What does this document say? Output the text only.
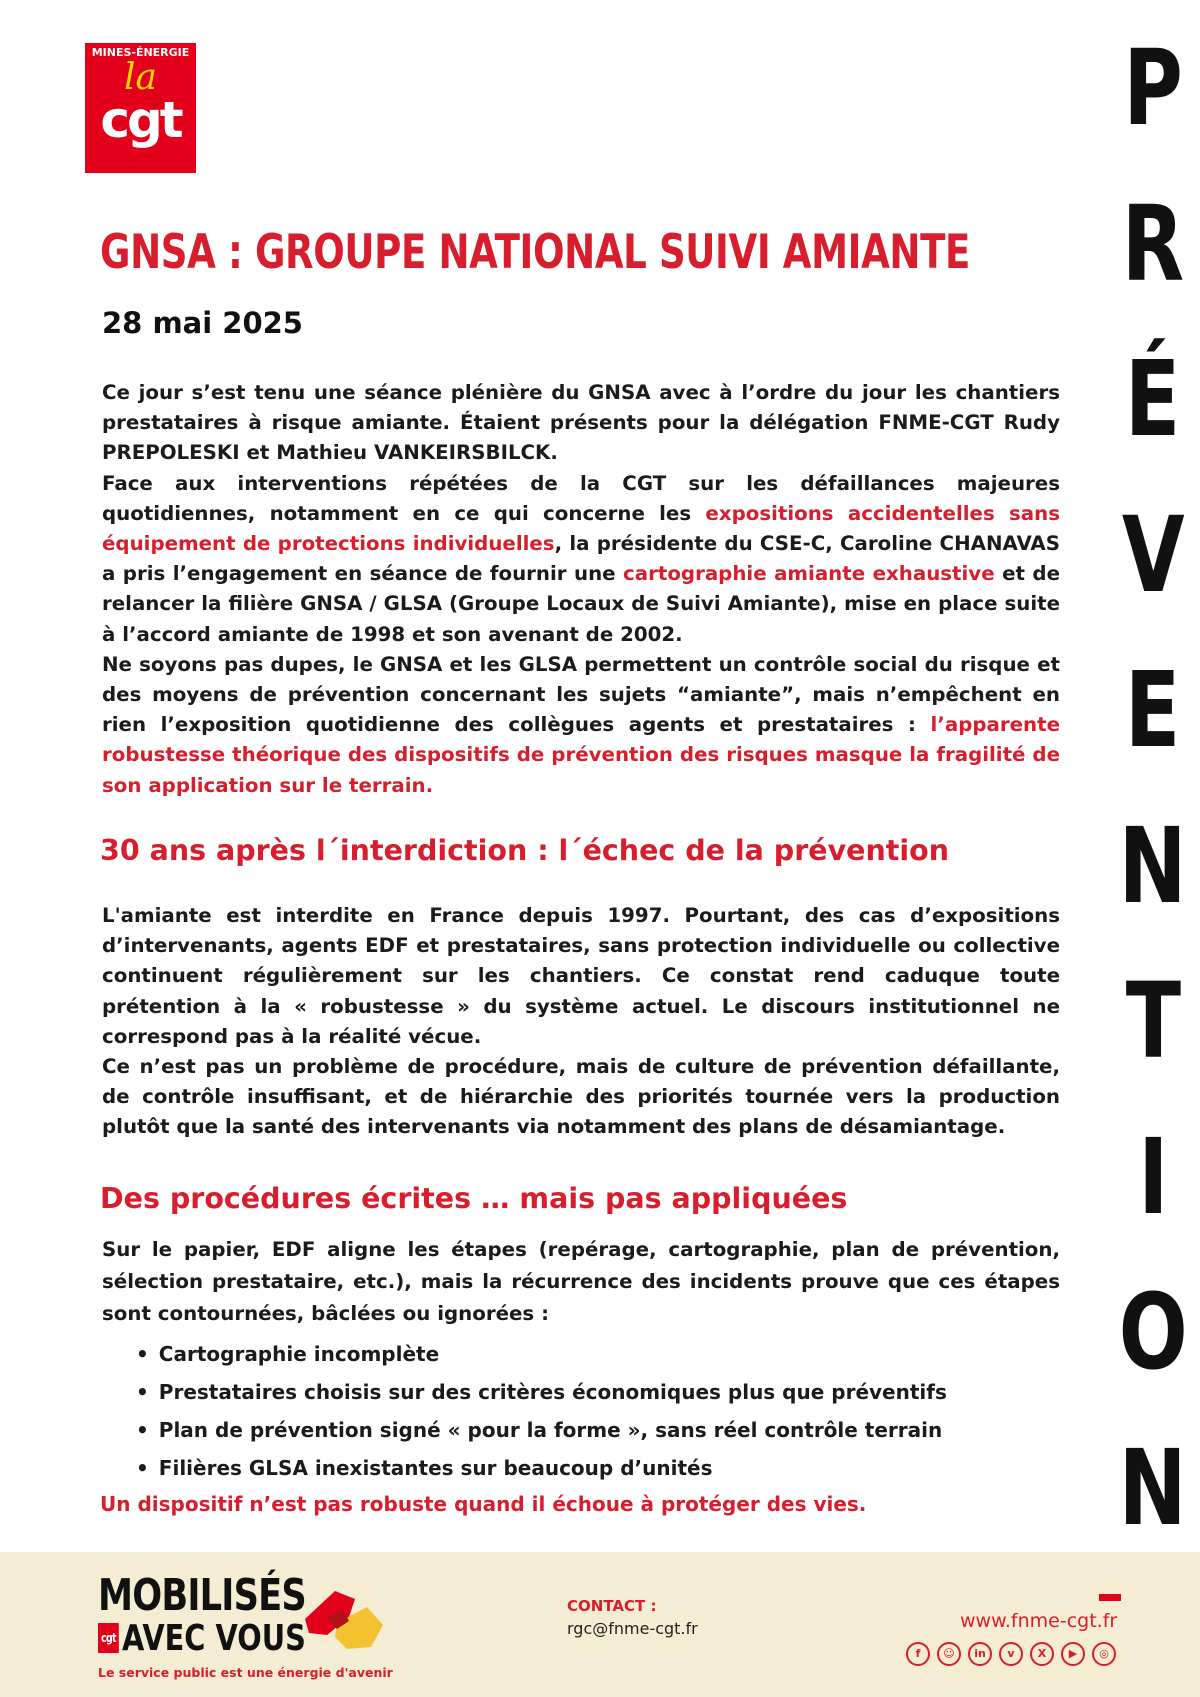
MINES-ÉNERGIE
la
cgt	P
R
É
V
E
N
T
I
O
N
GNSA : GROUPE NATIONAL SUIVI AMIANTE
28 mai 2025

Ce jour s’est tenu une séance plénière du GNSA avec à l’ordre du jour les chantiers prestataires à risque amiante. Étaient présents pour la délégation FNME-CGT Rudy PREPOLESKI et Mathieu VANKEIRSBILCK.

Face aux interventions répétées de la CGT sur les défaillances majeures quotidiennes, notamment en ce qui concerne les expositions accidentelles sans équipement de protections individuelles, la présidente du CSE-C, Caroline CHANAVAS a pris l’engagement en séance de fournir une cartographie amiante exhaustive et de relancer la filière GNSA / GLSA (Groupe Locaux de Suivi Amiante), mise en place suite à l’accord amiante de 1998 et son avenant de 2002.

Ne soyons pas dupes, le GNSA et les GLSA permettent un contrôle social du risque et des moyens de prévention concernant les sujets “amiante”, mais n’empêchent en rien l’exposition quotidienne des collègues agents et prestataires : l’apparente robustesse théorique des dispositifs de prévention des risques masque la fragilité de son application sur le terrain.

30 ans après l´interdiction : l´échec de la prévention

L'amiante est interdite en France depuis 1997. Pourtant, des cas d’expositions d’intervenants, agents EDF et prestataires, sans protection individuelle ou collective continuent régulièrement sur les chantiers. Ce constat rend caduque toute prétention à la « robustesse » du système actuel. Le discours institutionnel ne correspond pas à la réalité vécue.

Ce n’est pas un problème de procédure, mais de culture de prévention défaillante, de contrôle insuffisant, et de hiérarchie des priorités tournée vers la production plutôt que la santé des intervenants via notamment des plans de désamiantage.

Des procédures écrites … mais pas appliquées

Sur le papier, EDF aligne les étapes (repérage, cartographie, plan de prévention, sélection prestataire, etc.), mais la récurrence des incidents prouve que ces étapes sont contournées, bâclées ou ignorées :

• Cartographie incomplète
• Prestataires choisis sur des critères économiques plus que préventifs
• Plan de prévention signé « pour la forme », sans réel contrôle terrain
• Filières GLSA inexistantes sur beaucoup d’unités
Un dispositif n’est pas robuste quand il échoue à protéger des vies.
MOBILISÉS
cgt AVEC VOUS
Le service public est une énergie d'avenir
CONTACT :
rgc@fnme-cgt.fr	www.fnme-cgt.fr
f	☺	in	v	X	▶	◎
